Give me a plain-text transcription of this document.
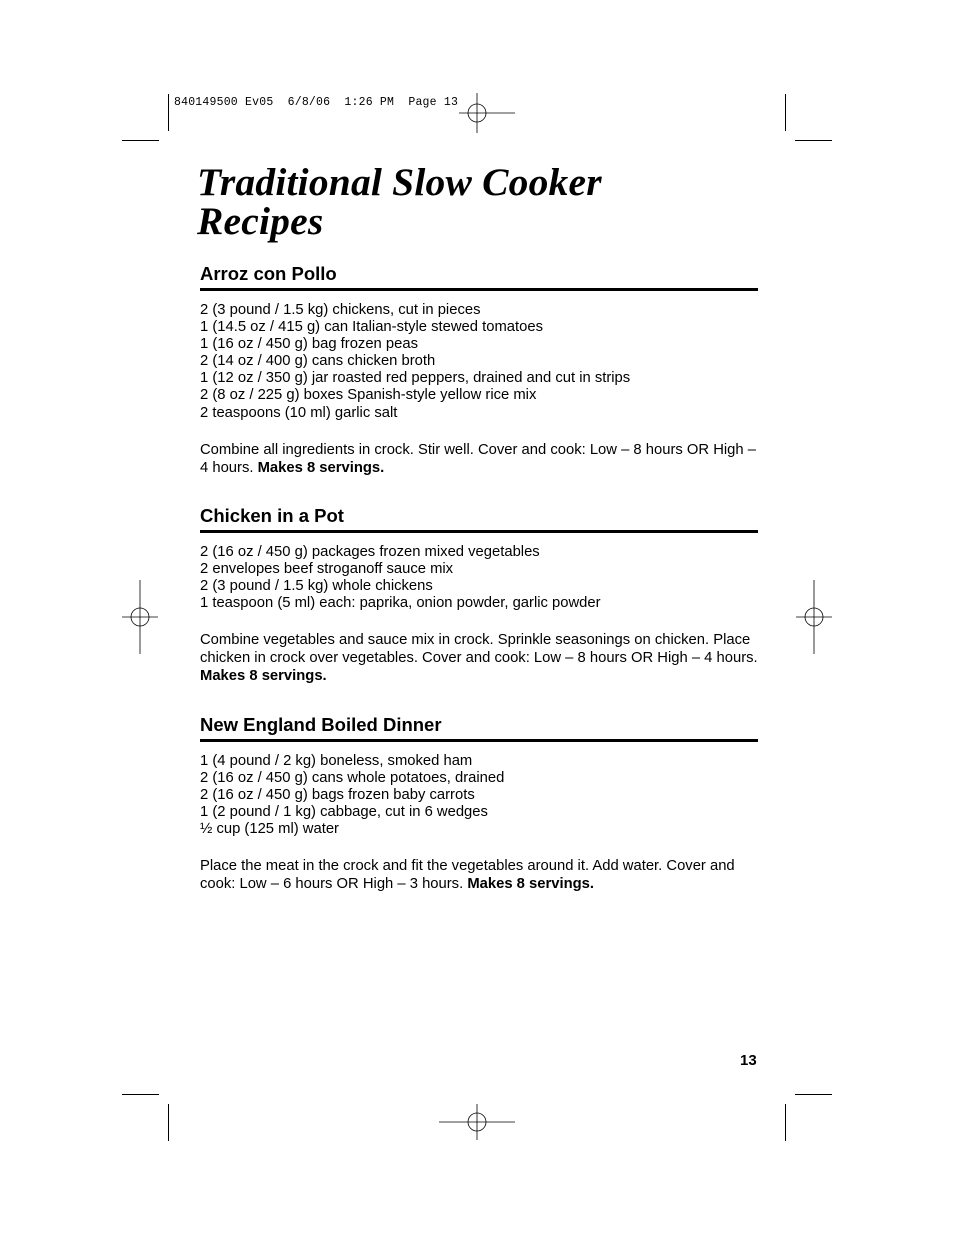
840149500 Ev05  6/8/06  1:26 PM  Page 13
Traditional Slow Cooker
Recipes
Arroz con Pollo
2 (3 pound / 1.5 kg) chickens, cut in pieces
1 (14.5 oz / 415 g) can Italian-style stewed tomatoes
1 (16 oz / 450 g) bag frozen peas
2 (14 oz / 400 g) cans chicken broth
1 (12 oz / 350 g) jar roasted red peppers, drained and cut in strips
2 (8 oz / 225 g) boxes Spanish-style yellow rice mix
2 teaspoons (10 ml) garlic salt

Combine all ingredients in crock. Stir well. Cover and cook: Low – 8 hours OR High – 4 hours. Makes 8 servings.

Chicken in a Pot
2 (16 oz / 450 g) packages frozen mixed vegetables
2 envelopes beef stroganoff sauce mix
2 (3 pound / 1.5 kg) whole chickens
1 teaspoon (5 ml) each: paprika, onion powder, garlic powder

Combine vegetables and sauce mix in crock. Sprinkle seasonings on chicken. Place chicken in crock over vegetables. Cover and cook: Low – 8 hours OR High – 4 hours. Makes 8 servings.

New England Boiled Dinner
1 (4 pound / 2 kg) boneless, smoked ham
2 (16 oz / 450 g) cans whole potatoes, drained
2 (16 oz / 450 g) bags frozen baby carrots
1 (2 pound / 1 kg) cabbage, cut in 6 wedges
½ cup (125 ml) water

Place the meat in the crock and fit the vegetables around it. Add water. Cover and cook: Low – 6 hours OR High – 3 hours. Makes 8 servings.

13
